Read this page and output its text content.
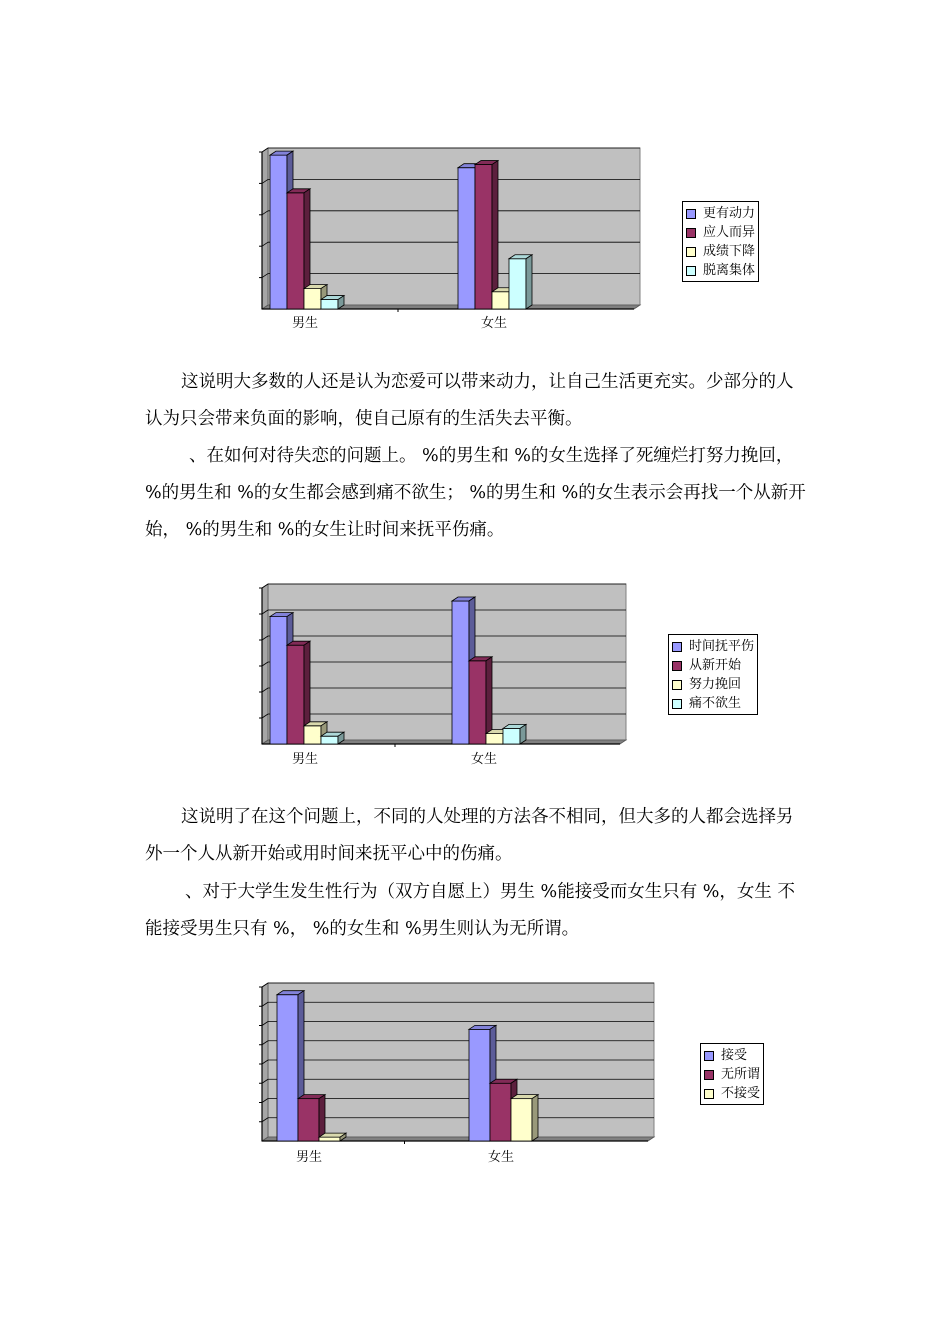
男生	女生
更有动力
应人而异
成绩下降
脱离集体

这说明大多数的人还是认为恋爱可以带来动力，让自己生活更充实。少部分的人认为只会带来负面的影响，使自己原有的生活失去平衡。

、在如何对待失恋的问题上。 %的男生和 %的女生选择了死缠烂打努力挽回， %的男生和 %的女生都会感到痛不欲生； %的男生和 %的女生表示会再找一个从新开始， %的男生和 %的女生让时间来抚平伤痛。

男生	女生
时间抚平伤
从新开始
努力挽回
痛不欲生

这说明了在这个问题上，不同的人处理的方法各不相同，但大多的人都会选择另外一个人从新开始或用时间来抚平心中的伤痛。

、对于大学生发生性行为（双方自愿上）男生 %能接受而女生只有 %，女生 不能接受男生只有 %， %的女生和 %男生则认为无所谓。

男生	女生
接受
无所谓
不接受
